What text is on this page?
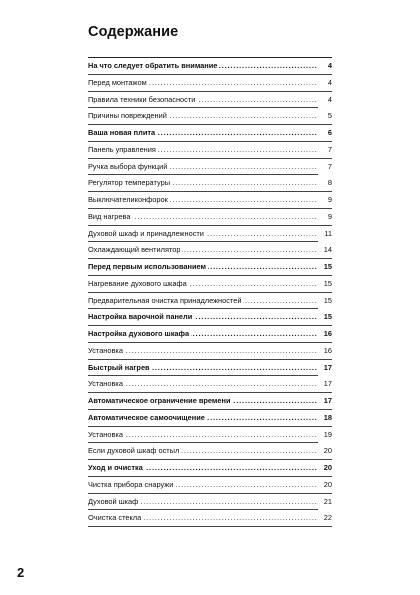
Содержание
На что следует обратить внимание . . .	4
Перед монтажом . . .	4
Правила техники безопасности . . .	4
Причины повреждений . . .	5
Ваша новая плита . . .	6
Панель управления . . .	7
Ручка выбора функций . . .	7
Регулятор температуры . . .	8
Выключателиконфорок . . .	9
Вид нагрева . . .	9
Духовой шкаф и принадлежности . . .	11
Охлаждающий вентилятор . . .	14
Перед первым использованием . . .	15
Нагревание духового шкафа . . .	15
Предварительная очистка принадлежностей . . .	15
Настройка варочной панели . . .	15
Настройка духового шкафа . . .	16
Установка . . .	16
Быстрый нагрев . . .	17
Установка . . .	17
Автоматическое ограничение времени . . .	17
Автоматическое самоочищение . . .	18
Установка . . .	19
Если духовой шкаф остыл . . .	20
Уход и очистка . . .	20
Чистка прибора снаружи . . .	20
Духовой шкаф . . .	21
Очистка стекла . . .	22
2
